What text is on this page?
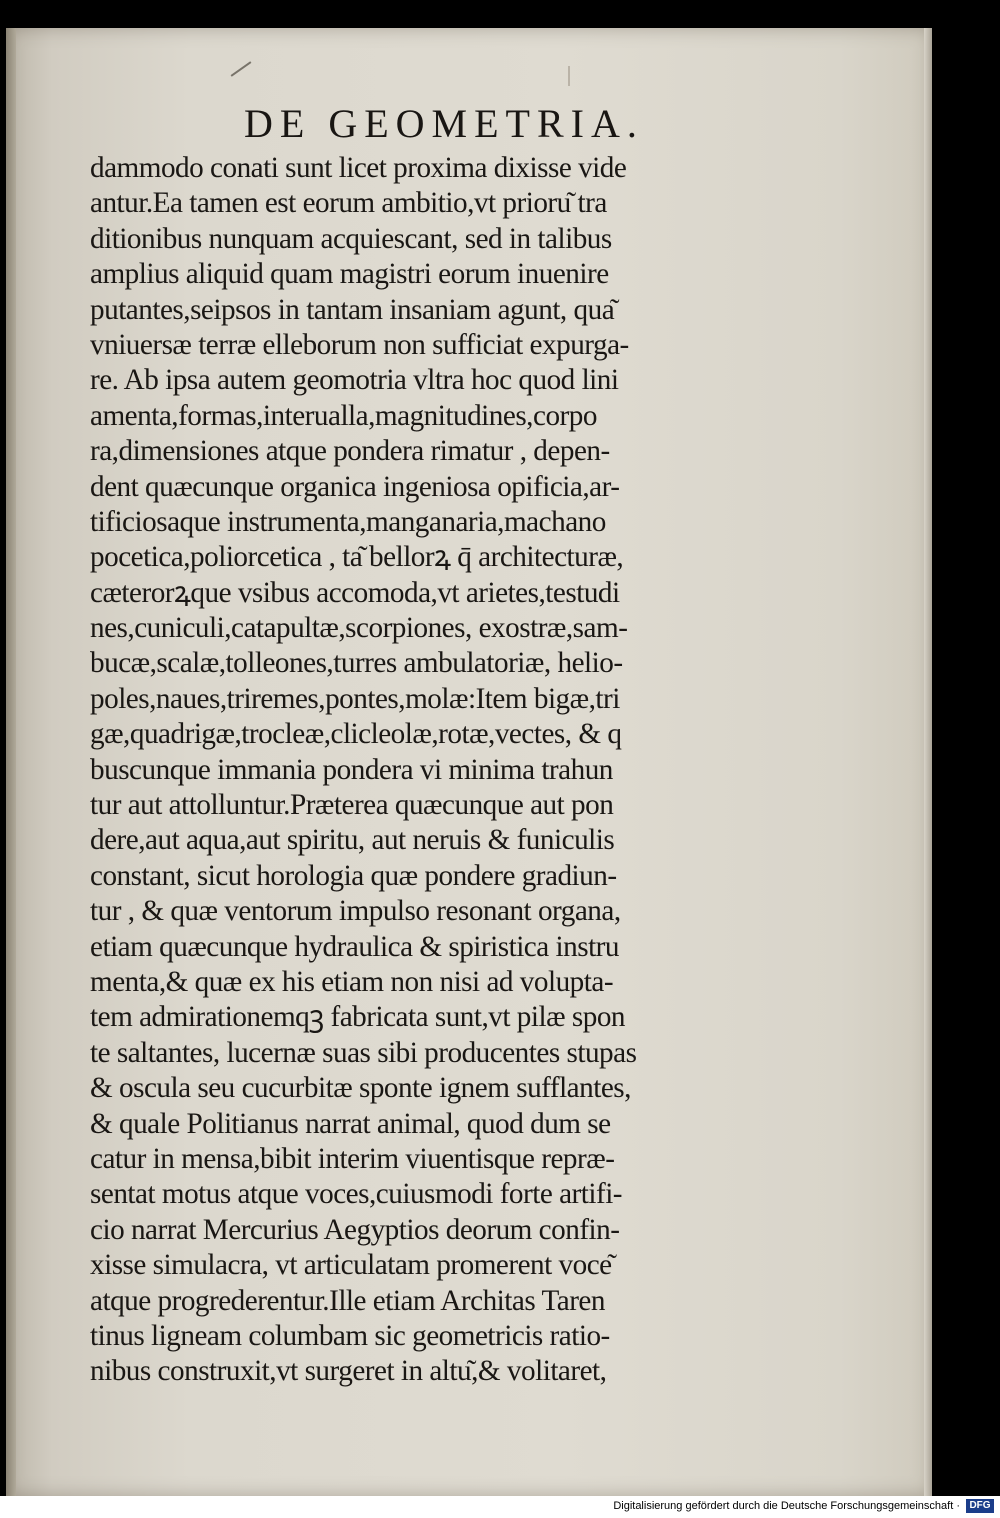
DE GEOMETRIA.
dammodo conati sunt licet proxima dixisse vide
antur.Ea tamen est eorum ambitio,vt prioru͂ tra
ditionibus nunquam acquiescant, sed in talibus
amplius aliquid quam magistri eorum inuenire
putantes,seipsos in tantam insaniam agunt, qua͂
vniuersæ terræ elleborum non sufficiat expurga-
re. Ab ipsa autem geomotria vltra hoc quod lini
amenta,formas,interualla,magnitudines,corpo
ra,dimensiones atque pondera rimatur , depen-
dent quæcunque organica ingeniosa opificia,ar-
tificiosaque instrumenta,manganaria,machano
pocetica,poliorcetica , ta͂ bellorꝝ q̄ architecturæ,
cæterorꝝque vsibus accomoda,vt arietes,testudi
nes,cuniculi,catapultæ,scorpiones, exostræ,sam-
bucæ,scalæ,tolleones,turres ambulatoriæ, helio-
poles,naues,triremes,pontes,molæ:Item bigæ,tri
gæ,quadrigæ,trocleæ,clicleolæ,rotæ,vectes, & q
buscunque immania pondera vi minima trahun
tur aut attolluntur.Præterea quæcunque aut pon
dere,aut aqua,aut spiritu, aut neruis & funiculis
constant, sicut horologia quæ pondere gradiun-
tur , & quæ ventorum impulso resonant organa,
etiam quæcunque hydraulica & spiristica instru
menta,& quæ ex his etiam non nisi ad volupta-
tem admirationemqꝫ fabricata sunt,vt pilæ spon
te saltantes, lucernæ suas sibi producentes stupas
& oscula seu cucurbitæ sponte ignem sufflantes,
& quale Politianus narrat animal, quod dum se
catur in mensa,bibit interim viuentisque repræ-
sentat motus atque voces,cuiusmodi forte artifi-
cio narrat Mercurius Aegyptios deorum confin-
xisse simulacra, vt articulatam promerent voce͂
atque progrederentur.Ille etiam Architas Taren
tinus ligneam columbam sic geometricis ratio-
nibus construxit,vt surgeret in altu͂,& volitaret,
Digitalisierung gefördert durch die Deutsche Forschungsgemeinschaft · DFG
